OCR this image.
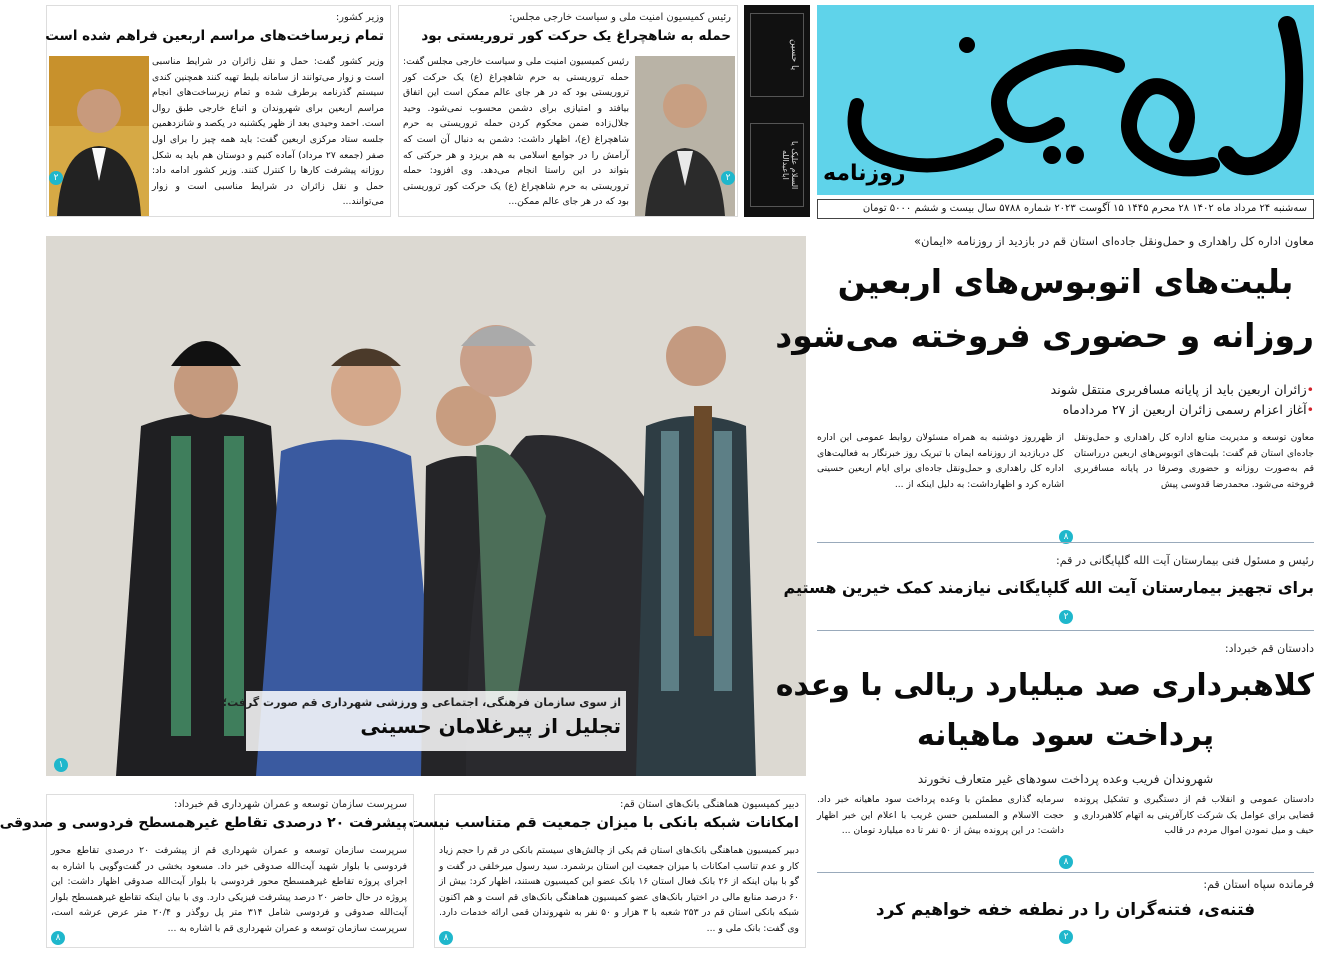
روزنامه
سه‌شنبه ۲۴ مرداد ماه ۱۴۰۲ ۲۸ محرم ۱۴۴۵ ۱۵ آگوست ۲۰۲۳ شماره ۵۷۸۸ سال بیست و ششم ۵۰۰۰ تومان
یا حسین
السلام علیک یا اباعبدالله
رئیس کمیسیون امنیت ملی و سیاست خارجی مجلس:
حمله به شاهچراغ یک حرکت کور تروریستی بود
رئیس کمیسیون امنیت ملی و سیاست خارجی مجلس گفت: حمله تروریستی به حرم شاهچراغ (ع) یک حرکت کور تروریستی بود که در هر جای عالم ممکن است این اتفاق بیافتد و امتیازی برای دشمن محسوب نمی‌شود. وحید جلال‌زاده ضمن محکوم کردن حمله تروریستی به حرم شاهچراغ (ع)، اظهار داشت: دشمن به دنبال آن است که آرامش را در جوامع اسلامی به هم بریزد و هر حرکتی که بتواند در این راستا انجام می‌دهد. وی افزود: حمله تروریستی به حرم شاهچراغ (ع) یک حرکت کور تروریستی بود که در هر جای عالم ممکن...
۲
وزیر کشور:
تمام زیرساخت‌های مراسم اربعین فراهم شده است
وزیر کشور گفت: حمل و نقل زائران در شرایط مناسبی است و زوار می‌توانند از سامانه بلیط تهیه کنند همچنین کندی سیستم گذرنامه برطرف شده و تمام زیرساخت‌های انجام مراسم اربعین برای شهروندان و اتباع خارجی طبق روال است. احمد وحیدی بعد از ظهر یکشنبه در یکصد و شانزدهمین جلسه ستاد مرکزی اربعین گفت: باید همه چیز را برای اول صفر (جمعه ۲۷ مرداد) آماده کنیم و دوستان هم باید به شکل روزانه پیشرفت کارها را کنترل کنند. وزیر کشور ادامه داد: حمل و نقل زائران در شرایط مناسبی است و زوار می‌توانند...
۲
از سوی سازمان فرهنگی، اجتماعی و ورزشی شهرداری قم صورت گرفت؛
تجلیل از پیرغلامان حسینی
۱
معاون اداره کل راهداری و حمل‌ونقل جاده‌ای استان قم در بازدید از روزنامه «ایمان»
بلیت‌های اتوبوس‌های اربعین
روزانه و حضوری فروخته می‌شود
•زائران اربعین باید از پایانه مسافربری منتقل شوند
•آغاز اعزام رسمی زائران اربعین از ۲۷ مردادماه
معاون توسعه و مدیریت منابع اداره کل راهداری و حمل‌ونقل جاده‌ای استان قم گفت: بلیت‌های اتوبوس‌های اربعین درراستان قم به‌صورت روزانه و حضوری وصرفا در پایانه مسافربری فروخته می‌شود. محمدرضا قدوسی پیش
از ظهرروز دوشنبه به همراه مسئولان روابط عمومی این اداره کل دربازدید از روزنامه ایمان با تبریک روز خبرنگار به فعالیت‌های اداره کل راهداری و حمل‌ونقل جاده‌ای برای ایام اربعین حسینی اشاره کرد و اظهارداشت: به دلیل اینکه از ...
۸
رئیس و مسئول فنی بیمارستان آیت الله گلپایگانی در قم:
برای تجهیز بیمارستان آیت الله گلپایگانی نیازمند کمک خیرین هستیم
۲
دادستان قم خبرداد:
کلاهبرداری صد میلیارد ریالی با وعده
پرداخت سود ماهیانه
شهروندان فریب وعده پرداخت سودهای غیر متعارف نخورند
دادستان عمومی و انقلاب قم از دستگیری و تشکیل پرونده قضایی برای عوامل یک شرکت کارآفرینی به اتهام کلاهبرداری و حیف و میل نمودن اموال مردم در قالب
سرمایه گذاری مطمئن با وعده پرداخت سود ماهیانه خبر داد. حجت الاسلام و المسلمین حسن غریب با اعلام این خبر اظهار داشت: در این پرونده بیش از ۵۰ نفر تا ده میلیارد تومان ...
۸
فرمانده سپاه استان قم:
فتنه‌ی، فتنه‌گران را در نطفه خفه خواهیم کرد
۲
دبیر کمیسیون هماهنگی بانک‌های استان قم:
امکانات شبکه بانکی با میزان جمعیت قم متناسب نیست
دبیر کمیسیون هماهنگی بانک‌های استان قم یکی از چالش‌های سیستم بانکی در قم را حجم زیاد کار و عدم تناسب امکانات با میزان جمعیت این استان برشمرد. سید رسول میرخلقی در گفت و گو با بیان اینکه از ۲۶ بانک فعال استان ۱۶ بانک عضو این کمیسیون هستند، اظهار کرد: بیش از ۶۰ درصد منابع مالی در اختیار بانک‌های عضو کمیسیون هماهنگی بانک‌های قم است و هم اکنون شبکه بانکی استان قم در ۲۵۳ شعبه با ۳ هزار و ۵۰ نفر به شهروندان قمی ارائه خدمات دارد. وی گفت: بانک ملی و ...
۸
سرپرست سازمان توسعه و عمران شهرداری قم خبرداد:
پیشرفت ۲۰ درصدی تقاطع غیرهمسطح فردوسی و صدوقی
سرپرست سازمان توسعه و عمران شهرداری قم از پیشرفت ۲۰ درصدی تقاطع محور فردوسی با بلوار شهید آیت‌الله صدوقی خبر داد. مسعود بخشی در گفت‌وگویی با اشاره به اجرای پروژه تقاطع غیرهمسطح محور فردوسی با بلوار آیت‌الله صدوقی اظهار داشت: این پروژه در حال حاضر ۲۰ درصد پیشرفت فیزیکی دارد. وی با بیان اینکه تقاطع غیرهمسطح بلوار آیت‌الله صدوقی و فردوسی شامل ۳۱۴ متر پل روگذر و ۲۰/۴ متر عرض عرشه است، سرپرست سازمان توسعه و عمران شهرداری قم با اشاره به ...
۸
